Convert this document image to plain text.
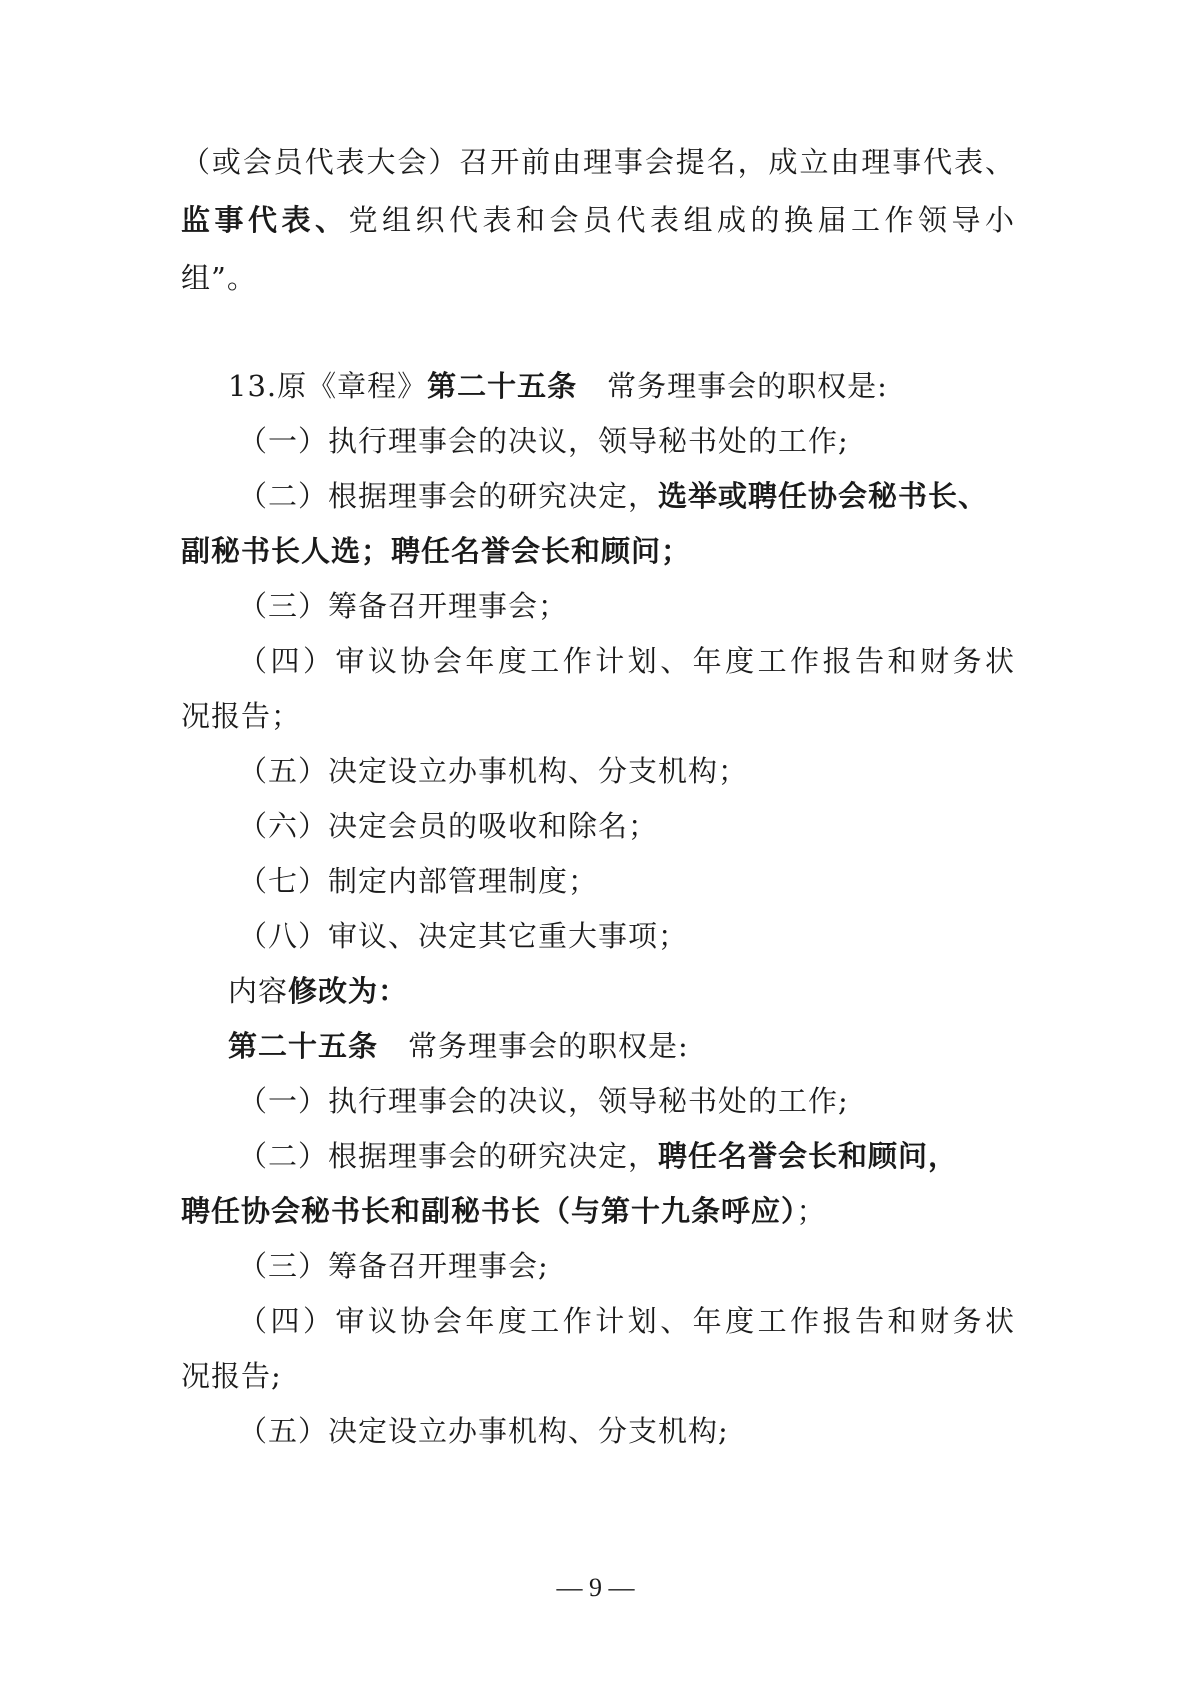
（或会员代表大会）召开前由理事会提名，成立由理事代表、
监事代表、党组织代表和会员代表组成的换届工作领导小
组”。
13.原《章程》第二十五条　常务理事会的职权是:
（一）执行理事会的决议，领导秘书处的工作;
（二）根据理事会的研究决定，选举或聘任协会秘书长、
副秘书长人选；聘任名誉会长和顾问；
（三）筹备召开理事会；
（四）审议协会年度工作计划、年度工作报告和财务状
况报告；
（五）决定设立办事机构、分支机构；
（六）决定会员的吸收和除名；
（七）制定内部管理制度；
（八）审议、决定其它重大事项；
内容修改为：
第二十五条　常务理事会的职权是:
（一）执行理事会的决议，领导秘书处的工作;
（二）根据理事会的研究决定，聘任名誉会长和顾问，
聘任协会秘书长和副秘书长（与第十九条呼应）；
（三）筹备召开理事会;
（四）审议协会年度工作计划、年度工作报告和财务状
况报告;
（五）决定设立办事机构、分支机构;
— 9 —
